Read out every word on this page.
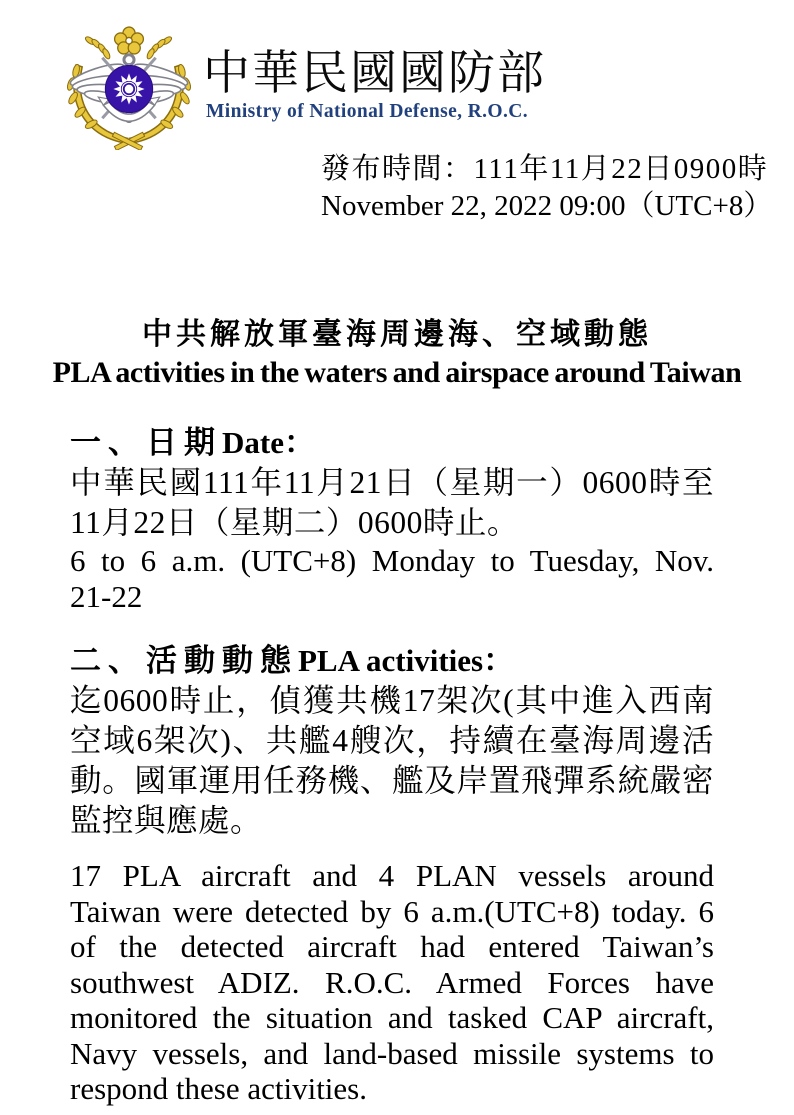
中華民國國防部
Ministry of National Defense, R.O.C.
發布時間：111年11月22日0900時
November 22, 2022 09:00（UTC+8）
中共解放軍臺海周邊海、空域動態
PLA activities in the waters and airspace around Taiwan
一、日期Date：
中華民國111年11月21日（星期一）0600時至
11月22日（星期二）0600時止。
6 to 6 a.m. (UTC+8) Monday to Tuesday, Nov.
21-22
二、活動動態PLA activities：
迄0600時止，偵獲共機17架次(其中進入西南
空域6架次)、共艦4艘次，持續在臺海周邊活
動。國軍運用任務機、艦及岸置飛彈系統嚴密
監控與應處。
17 PLA aircraft and 4 PLAN vessels around
Taiwan were detected by 6 a.m.(UTC+8) today. 6
of the detected aircraft had entered Taiwan’s
southwest ADIZ. R.O.C. Armed Forces have
monitored the situation and tasked CAP aircraft,
Navy vessels, and land-based missile systems to
respond these activities.
